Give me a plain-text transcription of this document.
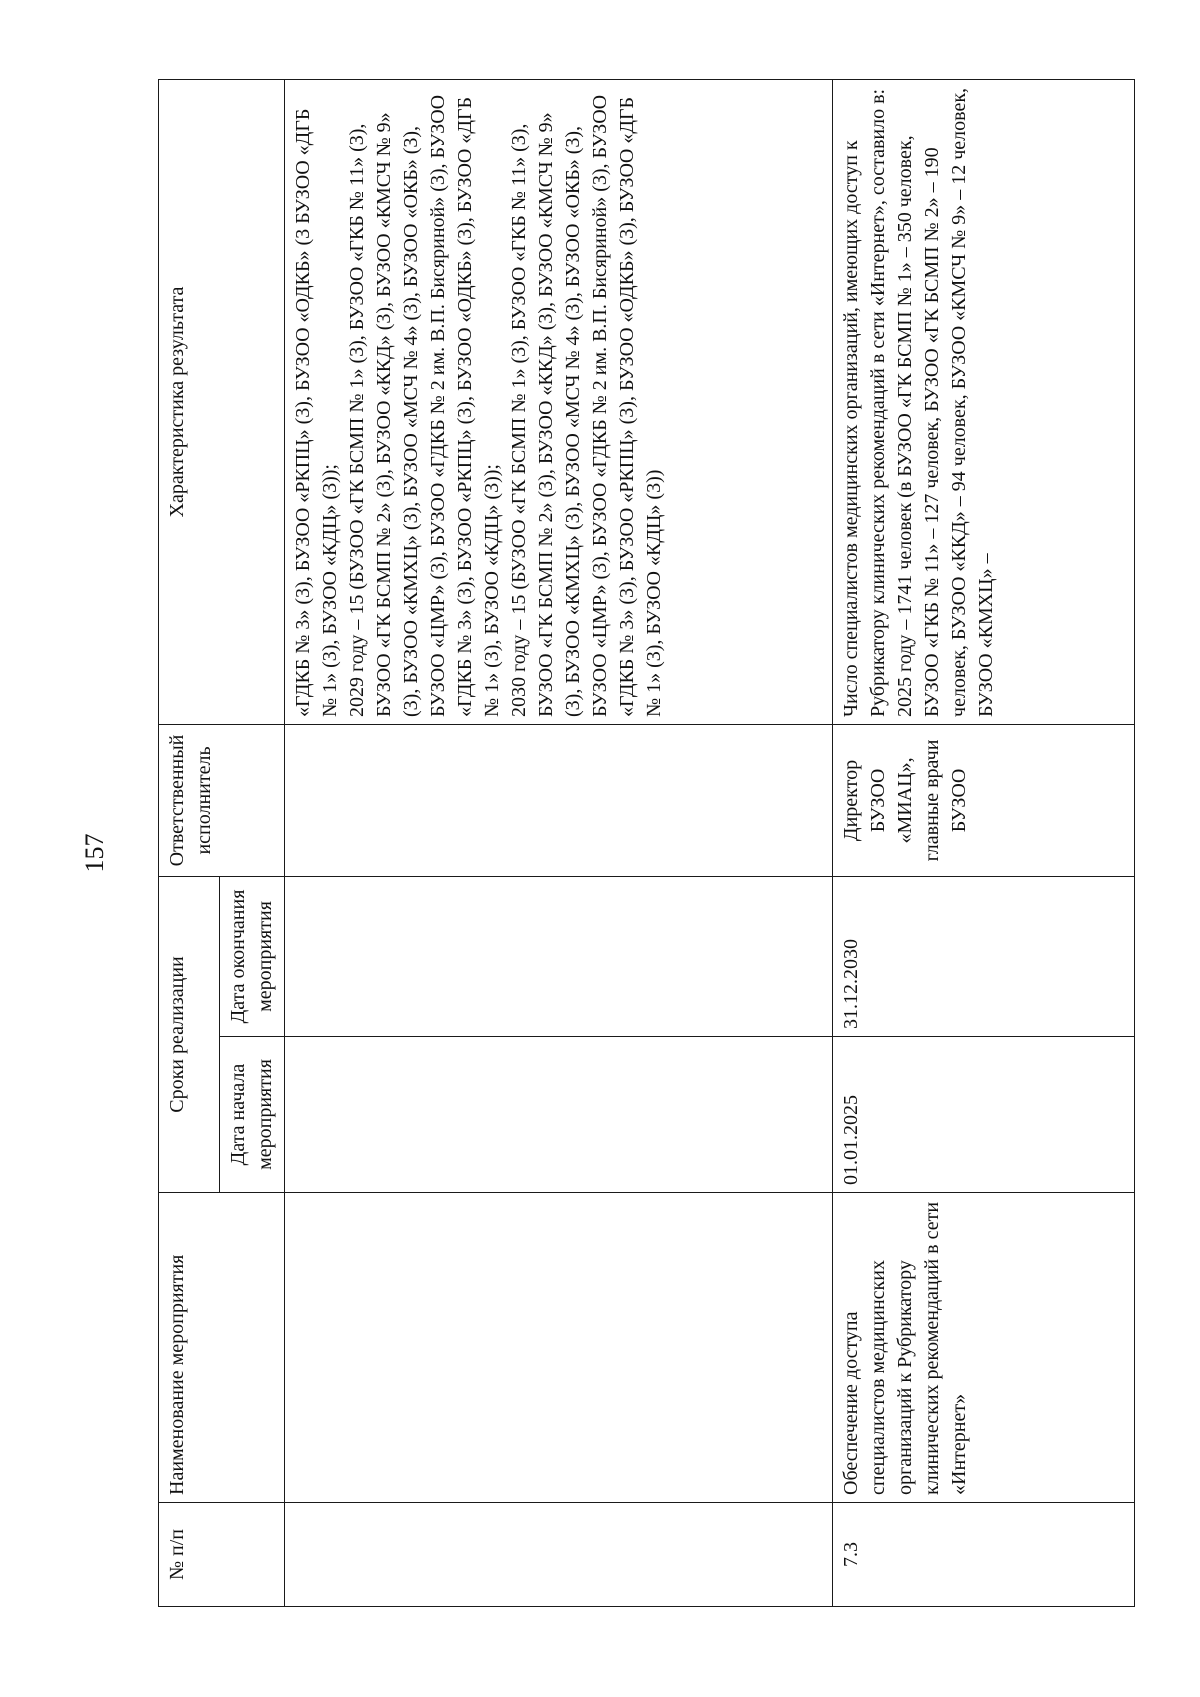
157
№ п/п	Наименование мероприятия	Сроки реализации		Ответственный исполнитель	Характеристика результата
		Дата начала мероприятия	Дата окончания мероприятия		

					«ГДКБ № 3» (3), БУЗОО «РКПЦ» (3), БУЗОО «ОДКБ» (3 БУЗОО «ДГБ № 1» (3), БУЗОО «КДЦ» (3)); 2029 году – 15 (БУЗОО «ГК БСМП № 1» (3), БУЗОО «ГКБ № 11» (3), БУЗОО «ГК БСМП № 2» (3), БУЗОО «ККД» (3), БУЗОО «КМСЧ № 9» (3), БУЗОО «КМХЦ» (3), БУЗОО «МСЧ № 4» (3), БУЗОО «ОКБ» (3), БУЗОО «ЦМР» (3), БУЗОО «ГДКБ № 2 им. В.П. Бисяриной» (3), БУЗОО «ГДКБ № 3» (3), БУЗОО «РКПЦ» (3), БУЗОО «ОДКБ» (3), БУЗОО «ДГБ № 1» (3), БУЗОО «КДЦ» (3)); 2030 году – 15 (БУЗОО «ГК БСМП № 1» (3), БУЗОО «ГКБ № 11» (3), БУЗОО «ГК БСМП № 2» (3), БУЗОО «ККД» (3), БУЗОО «КМСЧ № 9» (3), БУЗОО «КМХЦ» (3), БУЗОО «МСЧ № 4» (3), БУЗОО «ОКБ» (3), БУЗОО «ЦМР» (3), БУЗОО «ГДКБ № 2 им. В.П. Бисяриной» (3), БУЗОО «ГДКБ № 3» (3), БУЗОО «РКПЦ» (3), БУЗОО «ОДКБ» (3), БУЗОО «ДГБ № 1» (3), БУЗОО «КДЦ» (3))

7.3	Обеспечение доступа специалистов медицинских организаций к Рубрикатору клинических рекомендаций в сети «Интернет»	01.01.2025	31.12.2030	Директор БУЗОО «МИАЦ», главные врачи БУЗОО	Число специалистов медицинских организаций, имеющих доступ к Рубрикатору клинических рекомендаций в сети «Интернет», составило в: 2025 году – 1741 человек (в БУЗОО «ГК БСМП № 1» – 350 человек, БУЗОО «ГКБ № 11» – 127 человек, БУЗОО «ГК БСМП № 2» – 190 человек, БУЗОО «ККД» – 94 человек, БУЗОО «КМСЧ № 9» – 12 человек, БУЗОО «КМХЦ» –
